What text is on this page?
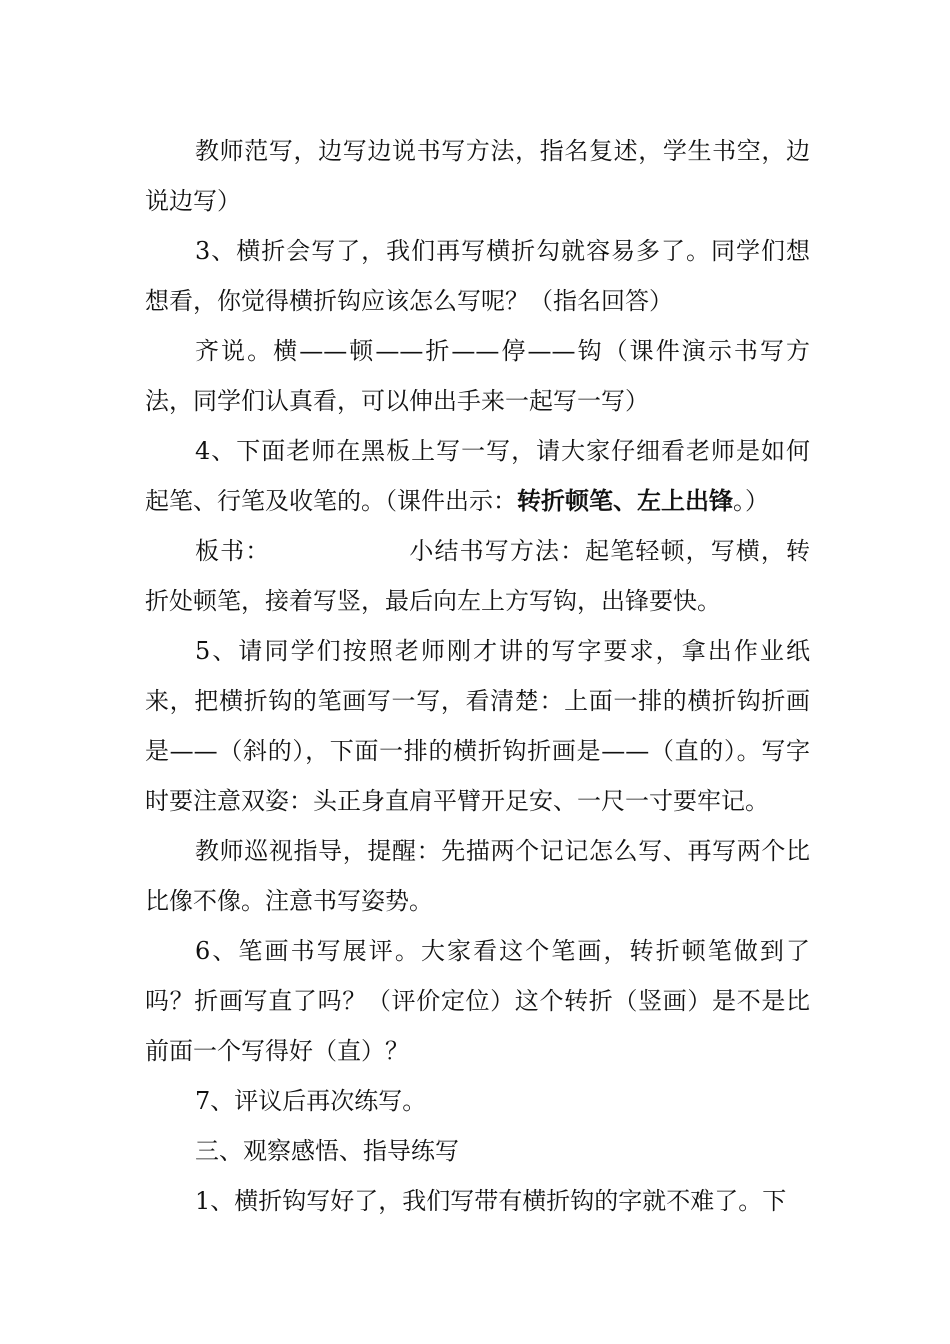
教师范写，边写边说书写方法，指名复述，学生书空，边说边写）

3、横折会写了，我们再写横折勾就容易多了。同学们想想看，你觉得横折钩应该怎么写呢？（指名回答）

齐说。横——顿——折——停——钩（课件演示书写方法，同学们认真看，可以伸出手来一起写一写）

4、下面老师在黑板上写一写，请大家仔细看老师是如何起笔、行笔及收笔的。（课件出示：转折顿笔、左上出锋。）

板书：	小结书写方法：起笔轻顿，写横，转折处顿笔，接着写竖，最后向左上方写钩，出锋要快。

5、请同学们按照老师刚才讲的写字要求，拿出作业纸来，把横折钩的笔画写一写，看清楚：上面一排的横折钩折画是——（斜的），下面一排的横折钩折画是——（直的）。写字时要注意双姿：头正身直肩平臂开足安、一尺一寸要牢记。

教师巡视指导，提醒：先描两个记记怎么写、再写两个比比像不像。注意书写姿势。

6、笔画书写展评。大家看这个笔画，转折顿笔做到了吗？折画写直了吗？（评价定位）这个转折（竖画）是不是比前面一个写得好（直）？

7、评议后再次练写。

三、观察感悟、指导练写

1、横折钩写好了，我们写带有横折钩的字就不难了。下
